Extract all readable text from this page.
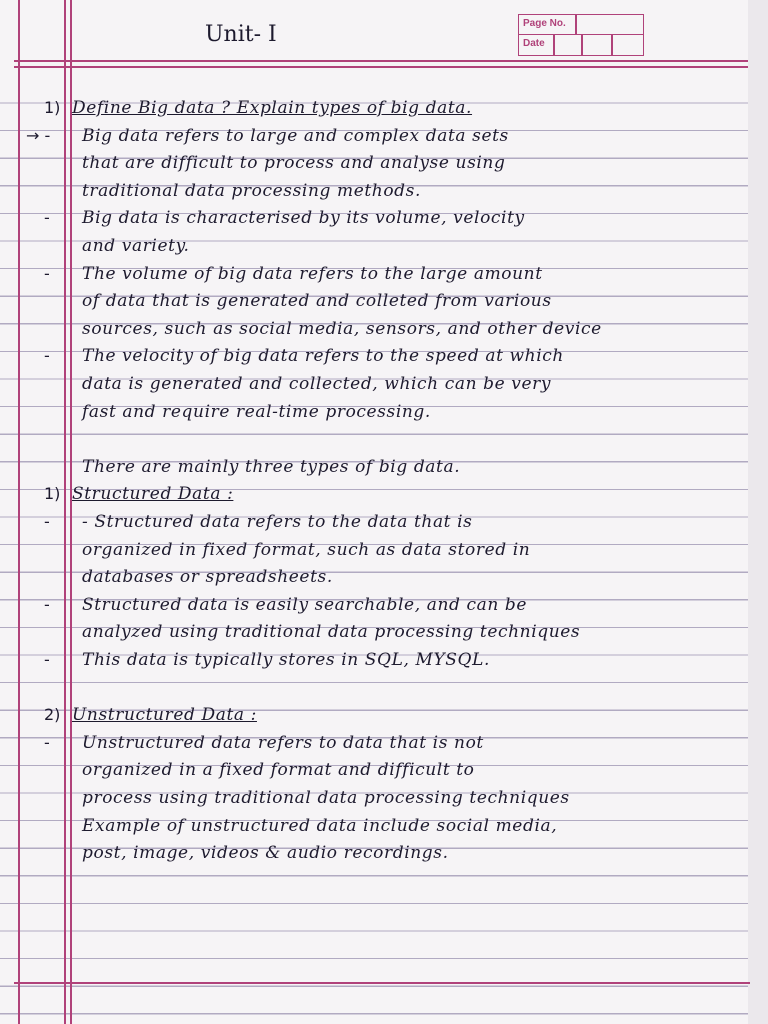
Unit- I	Page No.
Date
Define Big data ? Explain types of big data.
Big data refers to large and complex data sets
that are difficult to process and analyse using
traditional data processing methods.
Big data is characterised by its volume, velocity
and variety.
The volume of big data refers to the large amount
of data that is generated and colleted from various
sources, such as social media, sensors, and other device
The velocity of big data refers to the speed at which
data is generated and collected, which can be very
fast and require real-time processing.
There are mainly three types of big data.
Structured Data :
- Structured data refers to the data that is
organized in fixed format, such as data stored in
databases or spreadsheets.
Structured data is easily searchable, and can be
analyzed using traditional data processing techniques
This data is typically stores in SQL, MYSQL.
Unstructured Data :
Unstructured data refers to data that is not
organized in a fixed format and difficult to
process using traditional data processing techniques
Example of unstructured data include social media,
post, image, videos & audio recordings.
1)
→ -
-
-
-
1)
-
-
-
2)
-
